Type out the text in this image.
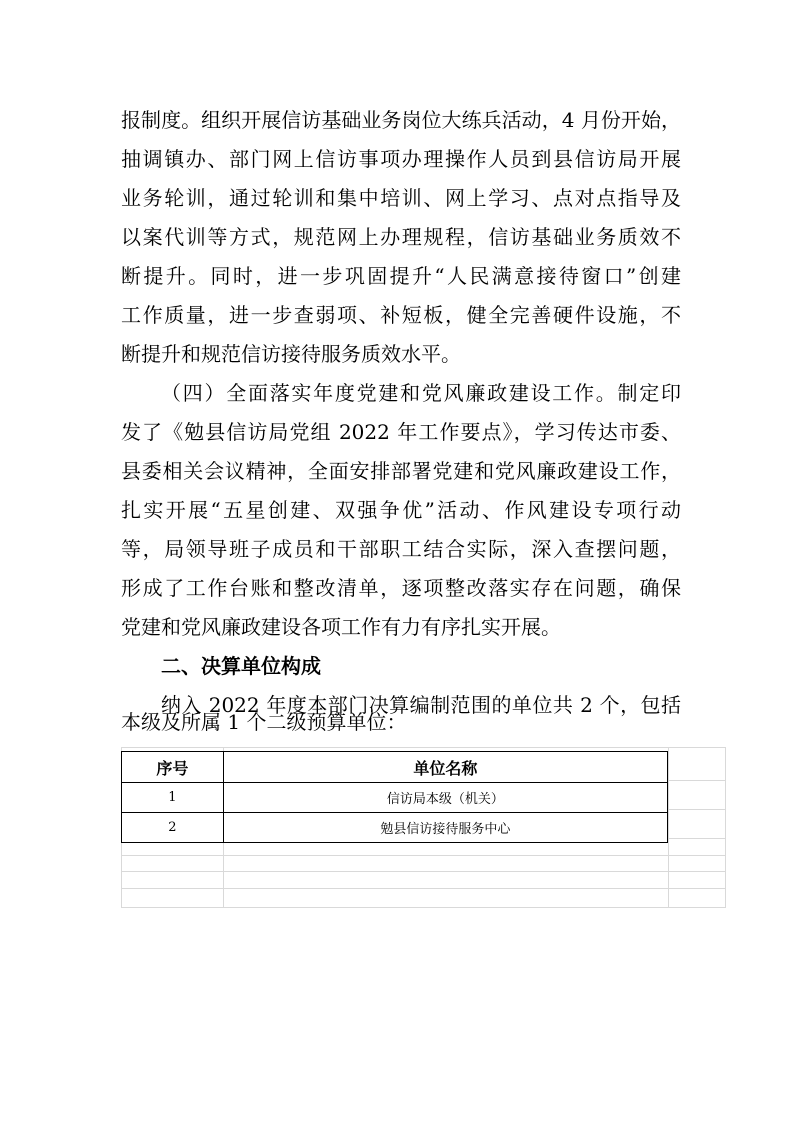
报制度。组织开展信访基础业务岗位大练兵活动，4 月份开始，
抽调镇办、部门网上信访事项办理操作人员到县信访局开展
业务轮训，通过轮训和集中培训、网上学习、点对点指导及
以案代训等方式，规范网上办理规程，信访基础业务质效不
断提升。同时，进一步巩固提升“人民满意接待窗口”创建
工作质量，进一步查弱项、补短板，健全完善硬件设施，不
断提升和规范信访接待服务质效水平。
（四）全面落实年度党建和党风廉政建设工作。制定印
发了《勉县信访局党组 2022 年工作要点》，学习传达市委、
县委相关会议精神，全面安排部署党建和党风廉政建设工作，
扎实开展“五星创建、双强争优”活动、作风建设专项行动
等，局领导班子成员和干部职工结合实际，深入查摆问题，
形成了工作台账和整改清单，逐项整改落实存在问题，确保
党建和党风廉政建设各项工作有力有序扎实开展。
二、决算单位构成
纳入 2022 年度本部门决算编制范围的单位共 2 个，包括
本级及所属 1 个二级预算单位：
序号	单位名称
1	信访局本级（机关）
2	勉县信访接待服务中心
